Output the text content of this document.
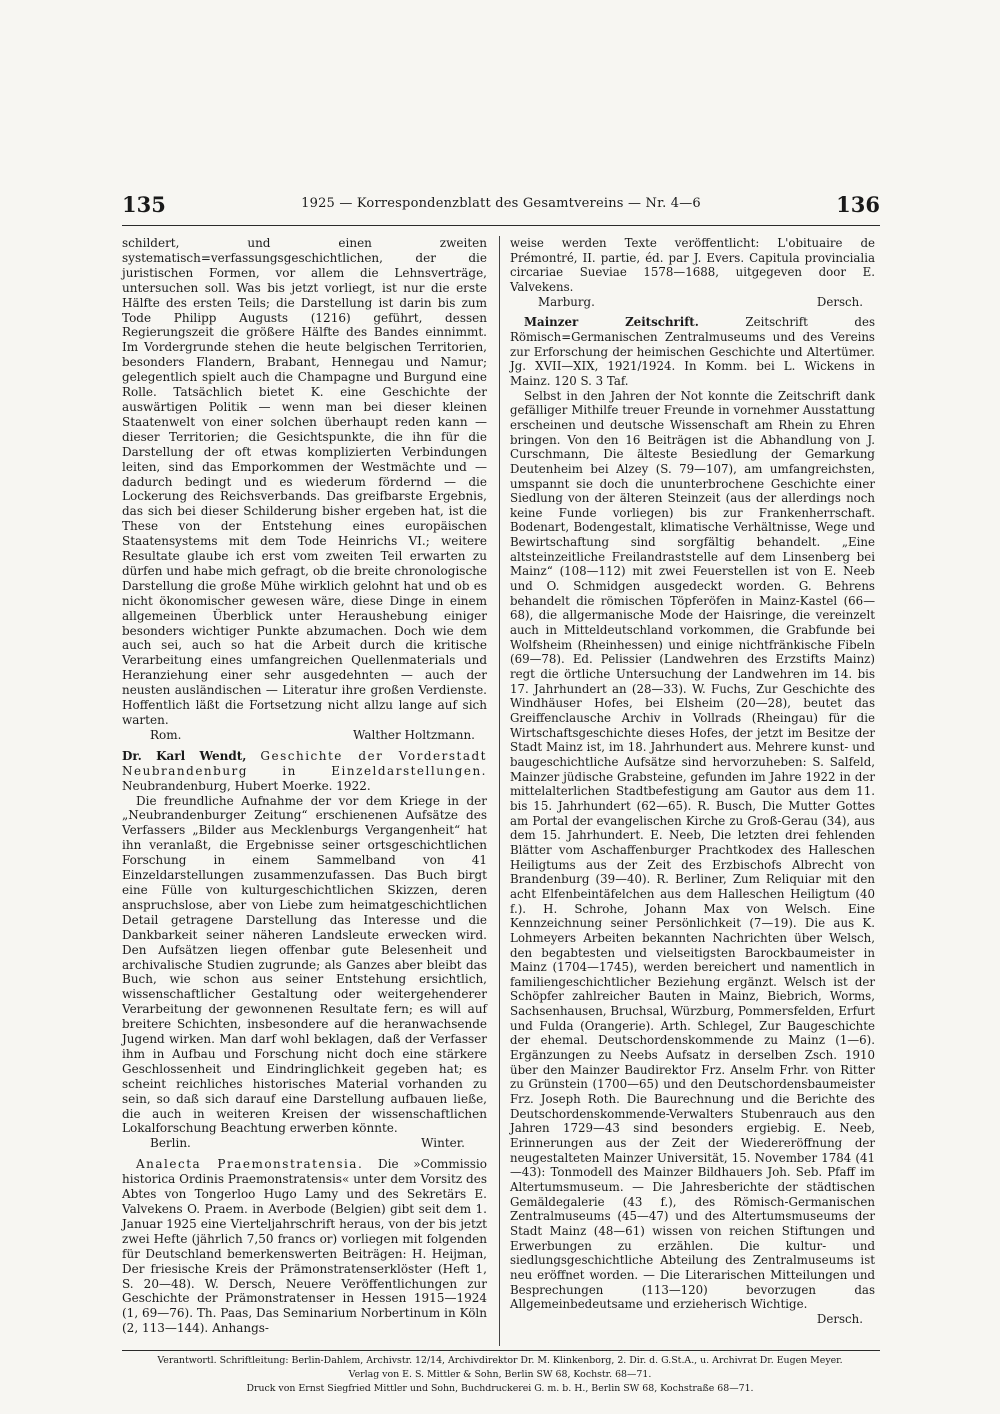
135	1925 — Korrespondenzblatt des Gesamtvereins — Nr. 4—6	136

schildert, und einen zweiten systematisch=verfassungsgeschichtlichen, der die juristischen Formen, vor allem die Lehnsverträge, untersuchen soll. Was bis jetzt vorliegt, ist nur die erste Hälfte des ersten Teils; die Darstellung ist darin bis zum Tode Philipp Augusts (1216) geführt, dessen Regierungszeit die größere Hälfte des Bandes einnimmt. Im Vordergrunde stehen die heute belgischen Territorien, besonders Flandern, Brabant, Hennegau und Namur; gelegentlich spielt auch die Champagne und Burgund eine Rolle. Tatsächlich bietet K. eine Geschichte der auswärtigen Politik — wenn man bei dieser kleinen Staatenwelt von einer solchen überhaupt reden kann — dieser Territorien; die Gesichtspunkte, die ihn für die Darstellung der oft etwas komplizierten Verbindungen leiten, sind das Emporkommen der Westmächte und — dadurch bedingt und es wiederum fördernd — die Lockerung des Reichsverbands. Das greifbarste Ergebnis, das sich bei dieser Schilderung bisher ergeben hat, ist die These von der Entstehung eines europäischen Staatensystems mit dem Tode Heinrichs VI.; weitere Resultate glaube ich erst vom zweiten Teil erwarten zu dürfen und habe mich gefragt, ob die breite chronologische Darstellung die große Mühe wirklich gelohnt hat und ob es nicht ökonomischer gewesen wäre, diese Dinge in einem allgemeinen Überblick unter Heraushebung einiger besonders wichtiger Punkte abzumachen. Doch wie dem auch sei, auch so hat die Arbeit durch die kritische Verarbeitung eines umfangreichen Quellenmaterials und Heranziehung einer sehr ausgedehnten — auch der neusten ausländischen — Literatur ihre großen Verdienste. Hoffentlich läßt die Fortsetzung nicht allzu lange auf sich warten.

Rom.	Walther Holtzmann.

Dr. Karl Wendt, Geschichte der Vorderstadt Neubrandenburg in Einzeldarstellungen. Neubrandenburg, Hubert Moerke. 1922.

Die freundliche Aufnahme der vor dem Kriege in der „Neubrandenburger Zeitung“ erschienenen Aufsätze des Verfassers „Bilder aus Mecklenburgs Vergangenheit“ hat ihn veranlaßt, die Ergebnisse seiner ortsgeschichtlichen Forschung in einem Sammelband von 41 Einzeldarstellungen zusammenzufassen. Das Buch birgt eine Fülle von kulturgeschichtlichen Skizzen, deren anspruchslose, aber von Liebe zum heimatgeschichtlichen Detail getragene Darstellung das Interesse und die Dankbarkeit seiner näheren Landsleute erwecken wird. Den Aufsätzen liegen offenbar gute Belesenheit und archivalische Studien zugrunde; als Ganzes aber bleibt das Buch, wie schon aus seiner Entstehung ersichtlich, wissenschaftlicher Gestaltung oder weitergehenderer Verarbeitung der gewonnenen Resultate fern; es will auf breitere Schichten, insbesondere auf die heranwachsende Jugend wirken. Man darf wohl beklagen, daß der Verfasser ihm in Aufbau und Forschung nicht doch eine stärkere Geschlossenheit und Eindringlichkeit gegeben hat; es scheint reichliches historisches Material vorhanden zu sein, so daß sich darauf eine Darstellung aufbauen ließe, die auch in weiteren Kreisen der wissenschaftlichen Lokalforschung Beachtung erwerben könnte.

Berlin.	Winter.

Analecta Praemonstratensia. Die »Commissio historica Ordinis Praemonstratensis« unter dem Vorsitz des Abtes von Tongerloo Hugo Lamy und des Sekretärs E. Valvekens O. Praem. in Averbode (Belgien) gibt seit dem 1. Januar 1925 eine Vierteljahrschrift heraus, von der bis jetzt zwei Hefte (jährlich 7,50 francs or) vorliegen mit folgenden für Deutschland bemerkenswerten Beiträgen: H. Heijman, Der friesische Kreis der Prämonstratenserklöster (Heft 1, S. 20—48). W. Dersch, Neuere Veröffentlichungen zur Geschichte der Prämonstratenser in Hessen 1915—1924 (1, 69—76). Th. Paas, Das Seminarium Norbertinum in Köln (2, 113—144). Anhangs-

weise werden Texte veröffentlicht: L'obituaire de Prémontré, II. partie, éd. par J. Evers. Capitula provincialia circariae Sueviae 1578—1688, uitgegeven door E. Valvekens.

Marburg.	Dersch.

Mainzer Zeitschrift.	Zeitschrift des Römisch=Germanischen Zentralmuseums und des Vereins zur Erforschung der heimischen Geschichte und Altertümer. Jg. XVII—XIX, 1921/1924. In Komm. bei L. Wickens in Mainz. 120 S. 3 Taf.

Selbst in den Jahren der Not konnte die Zeitschrift dank gefälliger Mithilfe treuer Freunde in vornehmer Ausstattung erscheinen und deutsche Wissenschaft am Rhein zu Ehren bringen. Von den 16 Beiträgen ist die Abhandlung von J. Curschmann, Die älteste Besiedlung der Gemarkung Deutenheim bei Alzey (S. 79—107), am umfangreichsten, umspannt sie doch die ununterbrochene Geschichte einer Siedlung von der älteren Steinzeit (aus der allerdings noch keine Funde vorliegen) bis zur Frankenherrschaft. Bodenart, Bodengestalt, klimatische Verhältnisse, Wege und Bewirtschaftung sind sorgfältig behandelt. „Eine altsteinzeitliche Freilandraststelle auf dem Linsenberg bei Mainz“ (108—112) mit zwei Feuerstellen ist von E. Neeb und O. Schmidgen ausgedeckt worden. G. Behrens behandelt die römischen Töpferöfen in Mainz-Kastel (66—68), die allgermanische Mode der Haisringe, die vereinzelt auch in Mitteldeutschland vorkommen, die Grabfunde bei Wolfsheim (Rheinhessen) und einige nichtfränkische Fibeln (69—78). Ed. Pelissier (Landwehren des Erzstifts Mainz) regt die örtliche Untersuchung der Landwehren im 14. bis 17. Jahrhundert an (28—33). W. Fuchs, Zur Geschichte des Windhäuser Hofes, bei Elsheim (20—28), beutet das Greiffenclausche Archiv in Vollrads (Rheingau) für die Wirtschaftsgeschichte dieses Hofes, der jetzt im Besitze der Stadt Mainz ist, im 18. Jahrhundert aus. Mehrere kunst- und baugeschichtliche Aufsätze sind hervorzuheben: S. Salfeld, Mainzer jüdische Grabsteine, gefunden im Jahre 1922 in der mittelalterlichen Stadtbefestigung am Gautor aus dem 11. bis 15. Jahrhundert (62—65). R. Busch, Die Mutter Gottes am Portal der evangelischen Kirche zu Groß-Gerau (34), aus dem 15. Jahrhundert. E. Neeb, Die letzten drei fehlenden Blätter vom Aschaffenburger Prachtkodex des Halleschen Heiligtums aus der Zeit des Erzbischofs Albrecht von Brandenburg (39—40). R. Berliner, Zum Reliquiar mit den acht Elfenbeintäfelchen aus dem Halleschen Heiligtum (40 f.). H. Schrohe, Johann Max von Welsch. Eine Kennzeichnung seiner Persönlichkeit (7—19). Die aus K. Lohmeyers Arbeiten bekannten Nachrichten über Welsch, den begabtesten und vielseitigsten Barockbaumeister in Mainz (1704—1745), werden bereichert und namentlich in familiengeschichtlicher Beziehung ergänzt. Welsch ist der Schöpfer zahlreicher Bauten in Mainz, Biebrich, Worms, Sachsenhausen, Bruchsal, Würzburg, Pommersfelden, Erfurt und Fulda (Orangerie). Arth. Schlegel, Zur Baugeschichte der ehemal. Deutschordenskommende zu Mainz (1—6). Ergänzungen zu Neebs Aufsatz in derselben Zsch. 1910 über den Mainzer Baudirektor Frz. Anselm Frhr. von Ritter zu Grünstein (1700—65) und den Deutschordensbaumeister Frz. Joseph Roth. Die Baurechnung und die Berichte des Deutschordenskommende-Verwalters Stubenrauch aus den Jahren 1729—43 sind besonders ergiebig. E. Neeb, Erinnerungen aus der Zeit der Wiedereröffnung der neugestalteten Mainzer Universität, 15. November 1784 (41—43): Tonmodell des Mainzer Bildhauers Joh. Seb. Pfaff im Altertumsmuseum. — Die Jahresberichte der städtischen Gemäldegalerie (43 f.), des Römisch-Germanischen Zentralmuseums (45—47) und des Altertumsmuseums der Stadt Mainz (48—61) wissen von reichen Stiftungen und Erwerbungen zu erzählen. Die kultur- und siedlungsgeschichtliche Abteilung des Zentralmuseums ist neu eröffnet worden. — Die Literarischen Mitteilungen und Besprechungen (113—120) bevorzugen das Allgemeinbedeutsame und erzieherisch Wichtige.

Dersch.
Verantwortl. Schriftleitung: Berlin-Dahlem, Archivstr. 12/14, Archivdirektor Dr. M. Klinkenborg, 2. Dir. d. G.St.A., u. Archivrat Dr. Eugen Meyer.
Verlag von E. S. Mittler & Sohn, Berlin SW 68, Kochstr. 68—71.
Druck von Ernst Siegfried Mittler und Sohn, Buchdruckerei G. m. b. H., Berlin SW 68, Kochstraße 68—71.
